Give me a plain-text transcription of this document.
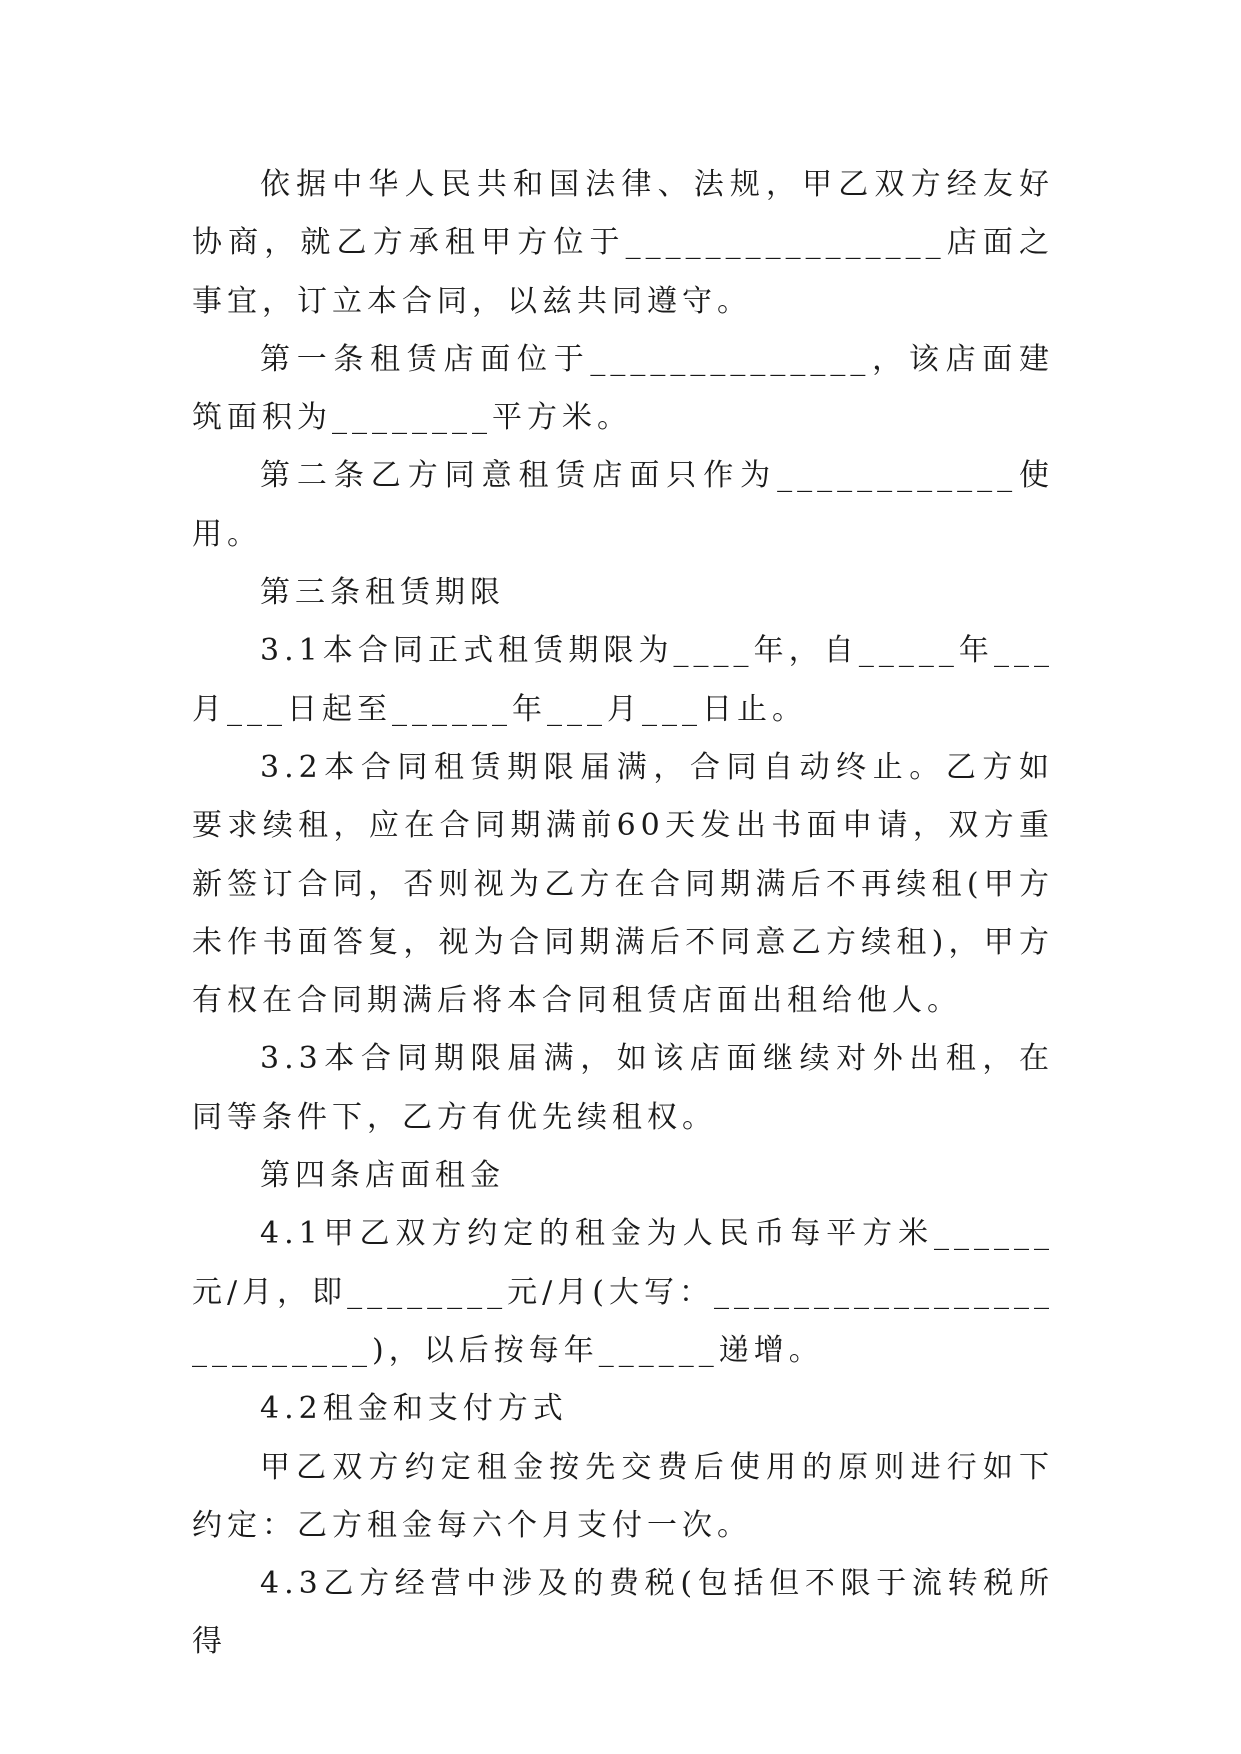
依据中华人民共和国法律、法规，甲乙双方经友好协商，就乙方承租甲方位于________________店面之事宜，订立本合同，以兹共同遵守。

第一条租赁店面位于______________，该店面建筑面积为________平方米。

第二条乙方同意租赁店面只作为____________使用。

第三条租赁期限

3.1本合同正式租赁期限为____年，自_____年___月___日起至______年___月___日止。

3.2本合同租赁期限届满，合同自动终止。乙方如要求续租，应在合同期满前60天发出书面申请，双方重新签订合同，否则视为乙方在合同期满后不再续租(甲方未作书面答复，视为合同期满后不同意乙方续租)，甲方有权在合同期满后将本合同租赁店面出租给他人。

3.3本合同期限届满，如该店面继续对外出租，在同等条件下，乙方有优先续租权。

第四条店面租金

4.1甲乙双方约定的租金为人民币每平方米______元/月，即________元/月(大写：__________________________)，以后按每年______递增。

4.2租金和支付方式

甲乙双方约定租金按先交费后使用的原则进行如下约定：乙方租金每六个月支付一次。

4.3乙方经营中涉及的费税(包括但不限于流转税所得
